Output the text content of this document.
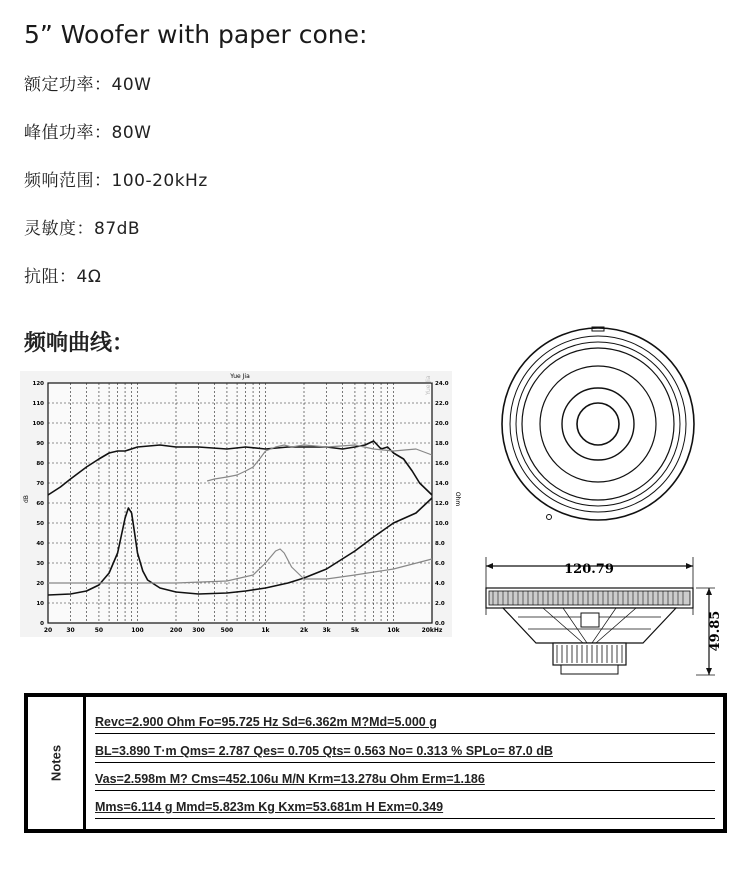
5” Woofer with paper cone:
额定功率：40W
峰值功率：80W
频响范围：100-20kHz
灵敏度：87dB
抗阻：4Ω
频响曲线：
Yue Jia
20 30	50	100	200 300	500	1k	2k 3k	5k	10k	20kHz
0
10
20
30
40
50
60
70
80
90
100
110
120
0.0
2.0
4.0
6.0
8.0
10.0
12.0
14.0
16.0
18.0
20.0
22.0
24.0
dB	Ohm
Yue Jia
120.79
49.85
Notes
Revc=2.900 Ohm Fo=95.725 Hz Sd=6.362m M?Md=5.000 g
BL=3.890 T·m Qms= 2.787 Qes= 0.705 Qts= 0.563 No= 0.313 % SPLo= 87.0 dB
Vas=2.598m M? Cms=452.106u M/N Krm=13.278u Ohm Erm=1.186
Mms=6.114 g Mmd=5.823m Kg Kxm=53.681m H Exm=0.349
